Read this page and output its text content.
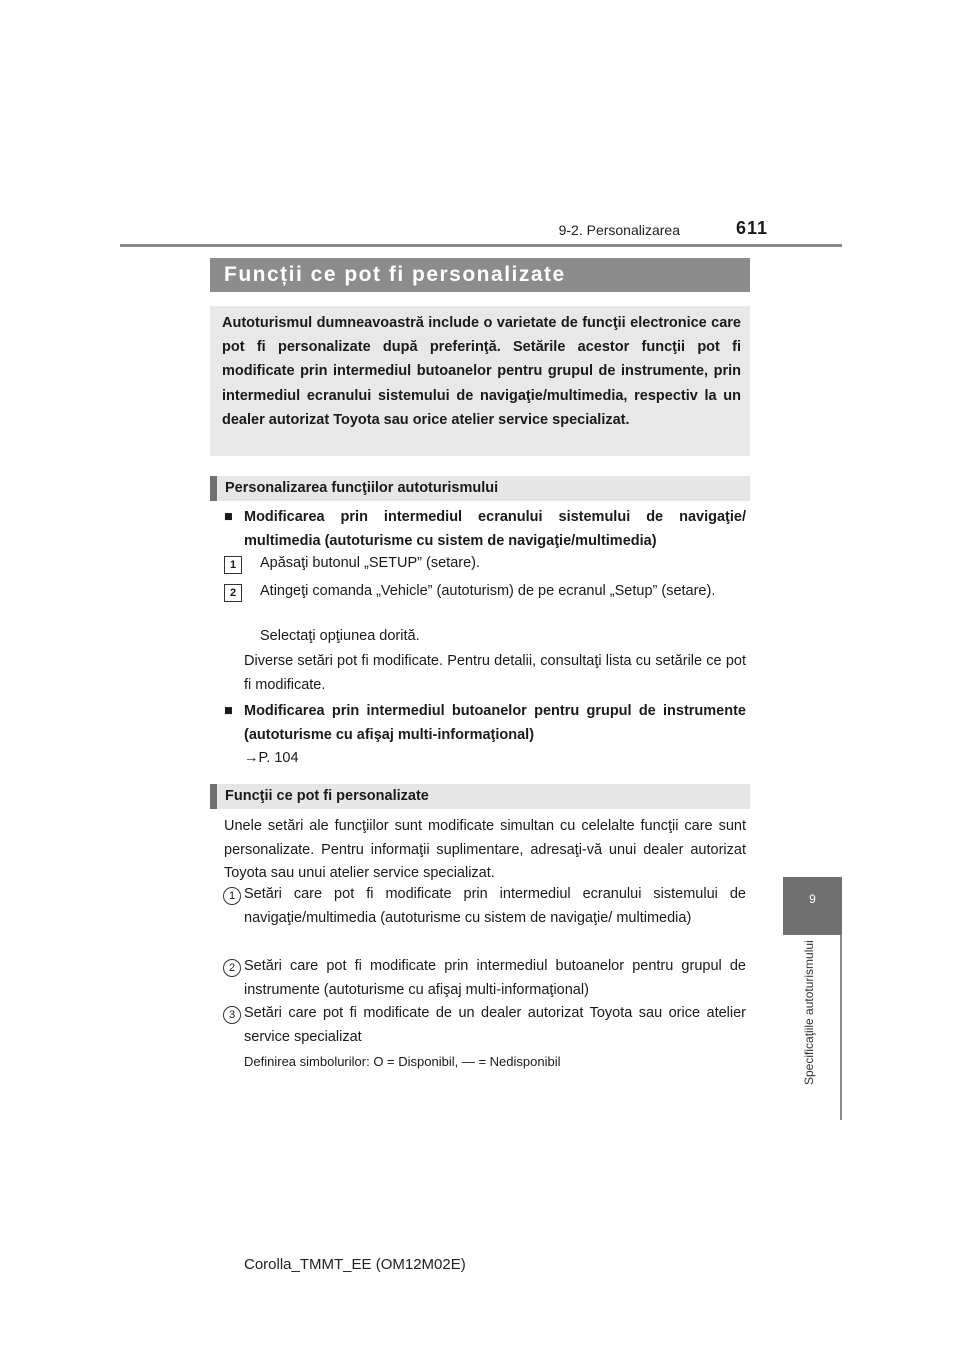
9-2. Personalizarea	611
9
Specificaţiile autoturismului
Funcții ce pot fi personalizate
Autoturismul dumneavoastră include o varietate de funcţii electronice care pot fi personalizate după preferinţă. Setările acestor funcţii pot fi modificate prin intermediul butoanelor pentru grupul de instrumente, prin intermediul ecranului sistemului de navigaţie/multimedia, respectiv la un dealer autorizat Toyota sau orice atelier service specializat.
Personalizarea funcţiilor autoturismului
■ Modificarea prin intermediul ecranului sistemului de navigaţie/ multimedia (autoturisme cu sistem de navigaţie/multimedia)
1	Apăsaţi butonul „SETUP” (setare).
2	Atingeţi comanda „Vehicle” (autoturism) de pe ecranul „Setup” (setare).
Selectaţi opţiunea dorită.
Diverse setări pot fi modificate. Pentru detalii, consultaţi lista cu setările ce pot fi modificate.
■ Modificarea prin intermediul butoanelor pentru grupul de instrumente (autoturisme cu afişaj multi-informaţional)
→P. 104
Funcţii ce pot fi personalizate
Unele setări ale funcţiilor sunt modificate simultan cu celelalte funcţii care sunt personalizate. Pentru informaţii suplimentare, adresaţi-vă unui dealer autorizat Toyota sau unui atelier service specializat.
1 Setări care pot fi modificate prin intermediul ecranului sistemului de navigaţie/multimedia (autoturisme cu sistem de navigaţie/ multimedia)
2 Setări care pot fi modificate prin intermediul butoanelor pentru grupul de instrumente (autoturisme cu afişaj multi-informaţional)
3 Setări care pot fi modificate de un dealer autorizat Toyota sau orice atelier service specializat
Definirea simbolurilor: O = Disponibil, — = Nedisponibil
Corolla_TMMT_EE (OM12M02E)
